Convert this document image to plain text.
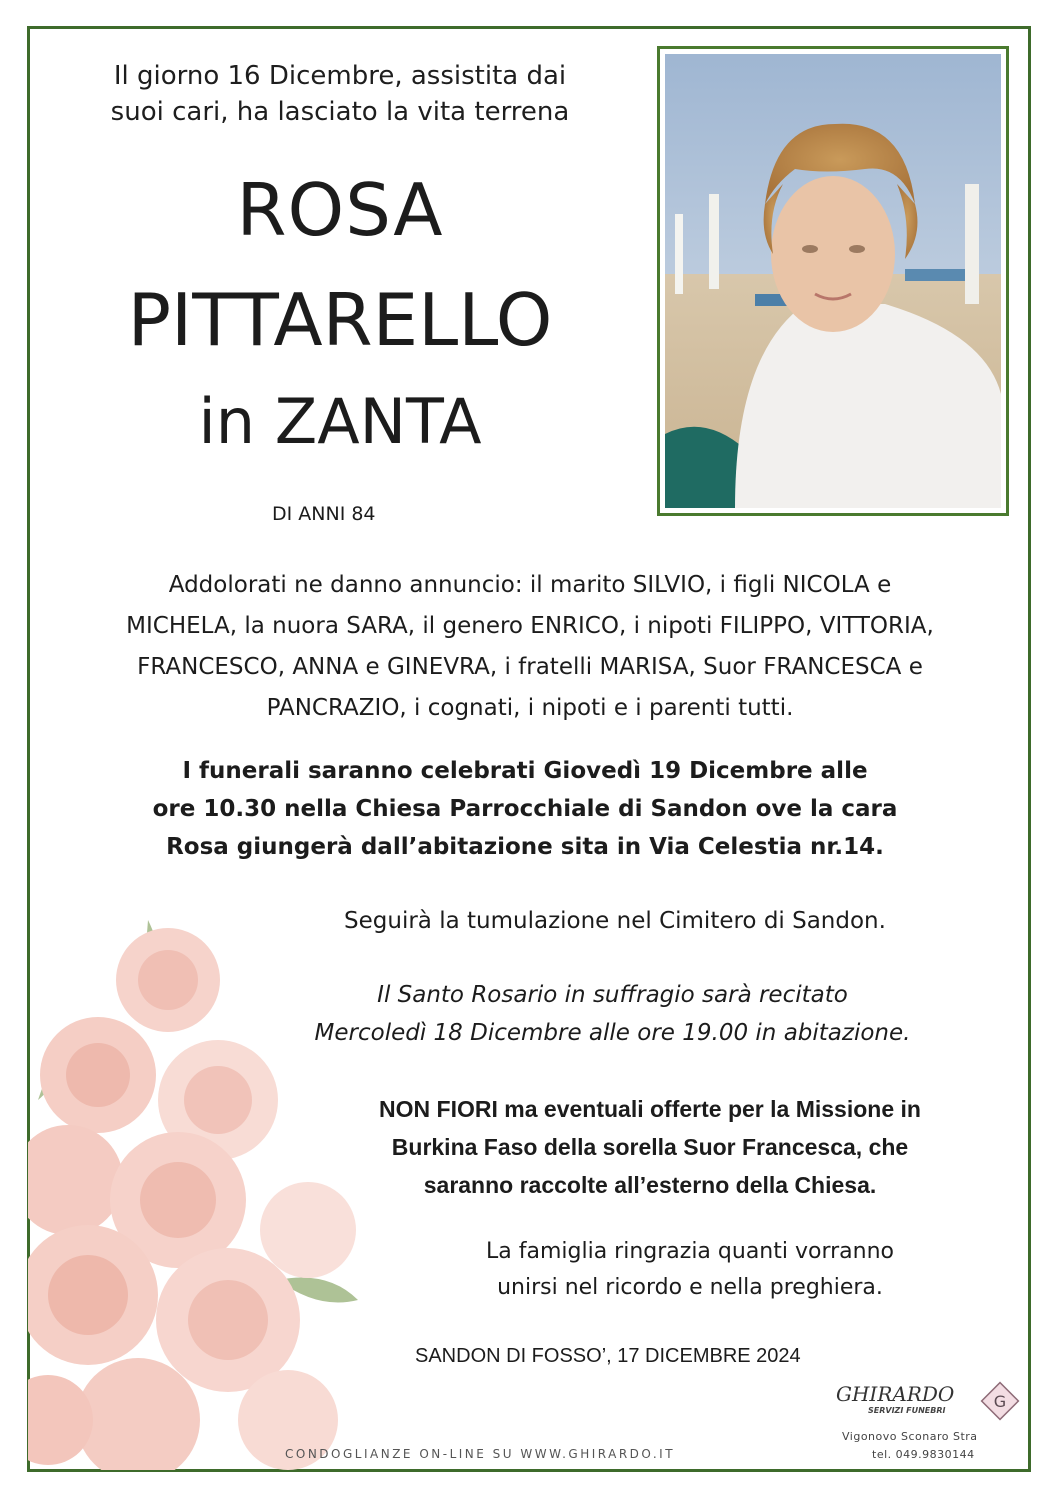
Il giorno 16 Dicembre, assistita dai
suoi cari, ha lasciato la vita terrena
ROSA
PITTARELLO
in ZANTA
DI ANNI 84
Addolorati ne danno annuncio: il marito SILVIO, i figli NICOLA e
MICHELA, la nuora SARA, il genero ENRICO, i nipoti FILIPPO, VITTORIA,
FRANCESCO, ANNA e GINEVRA, i fratelli MARISA, Suor FRANCESCA e
PANCRAZIO, i cognati, i nipoti e i parenti tutti.
I funerali saranno celebrati Giovedì 19 Dicembre alle
ore 10.30 nella Chiesa Parrocchiale di Sandon ove la cara
Rosa giungerà dall’abitazione sita in Via Celestia nr.14.
Seguirà la tumulazione nel Cimitero di Sandon.
Il Santo Rosario in suffragio sarà recitato
Mercoledì 18 Dicembre alle ore 19.00 in abitazione.
NON FIORI ma eventuali offerte per la Missione in
Burkina Faso della sorella Suor Francesca, che
saranno raccolte all’esterno della Chiesa.
La famiglia ringrazia quanti vorranno
unirsi nel ricordo e nella preghiera.
SANDON DI FOSSO’, 17 DICEMBRE 2024
GHIRARDO
SERVIZI FUNEBRI	G
Vigonovo Sconaro Stra
tel. 049.9830144
CONDOGLIANZE ON-LINE SU WWW.GHIRARDO.IT
